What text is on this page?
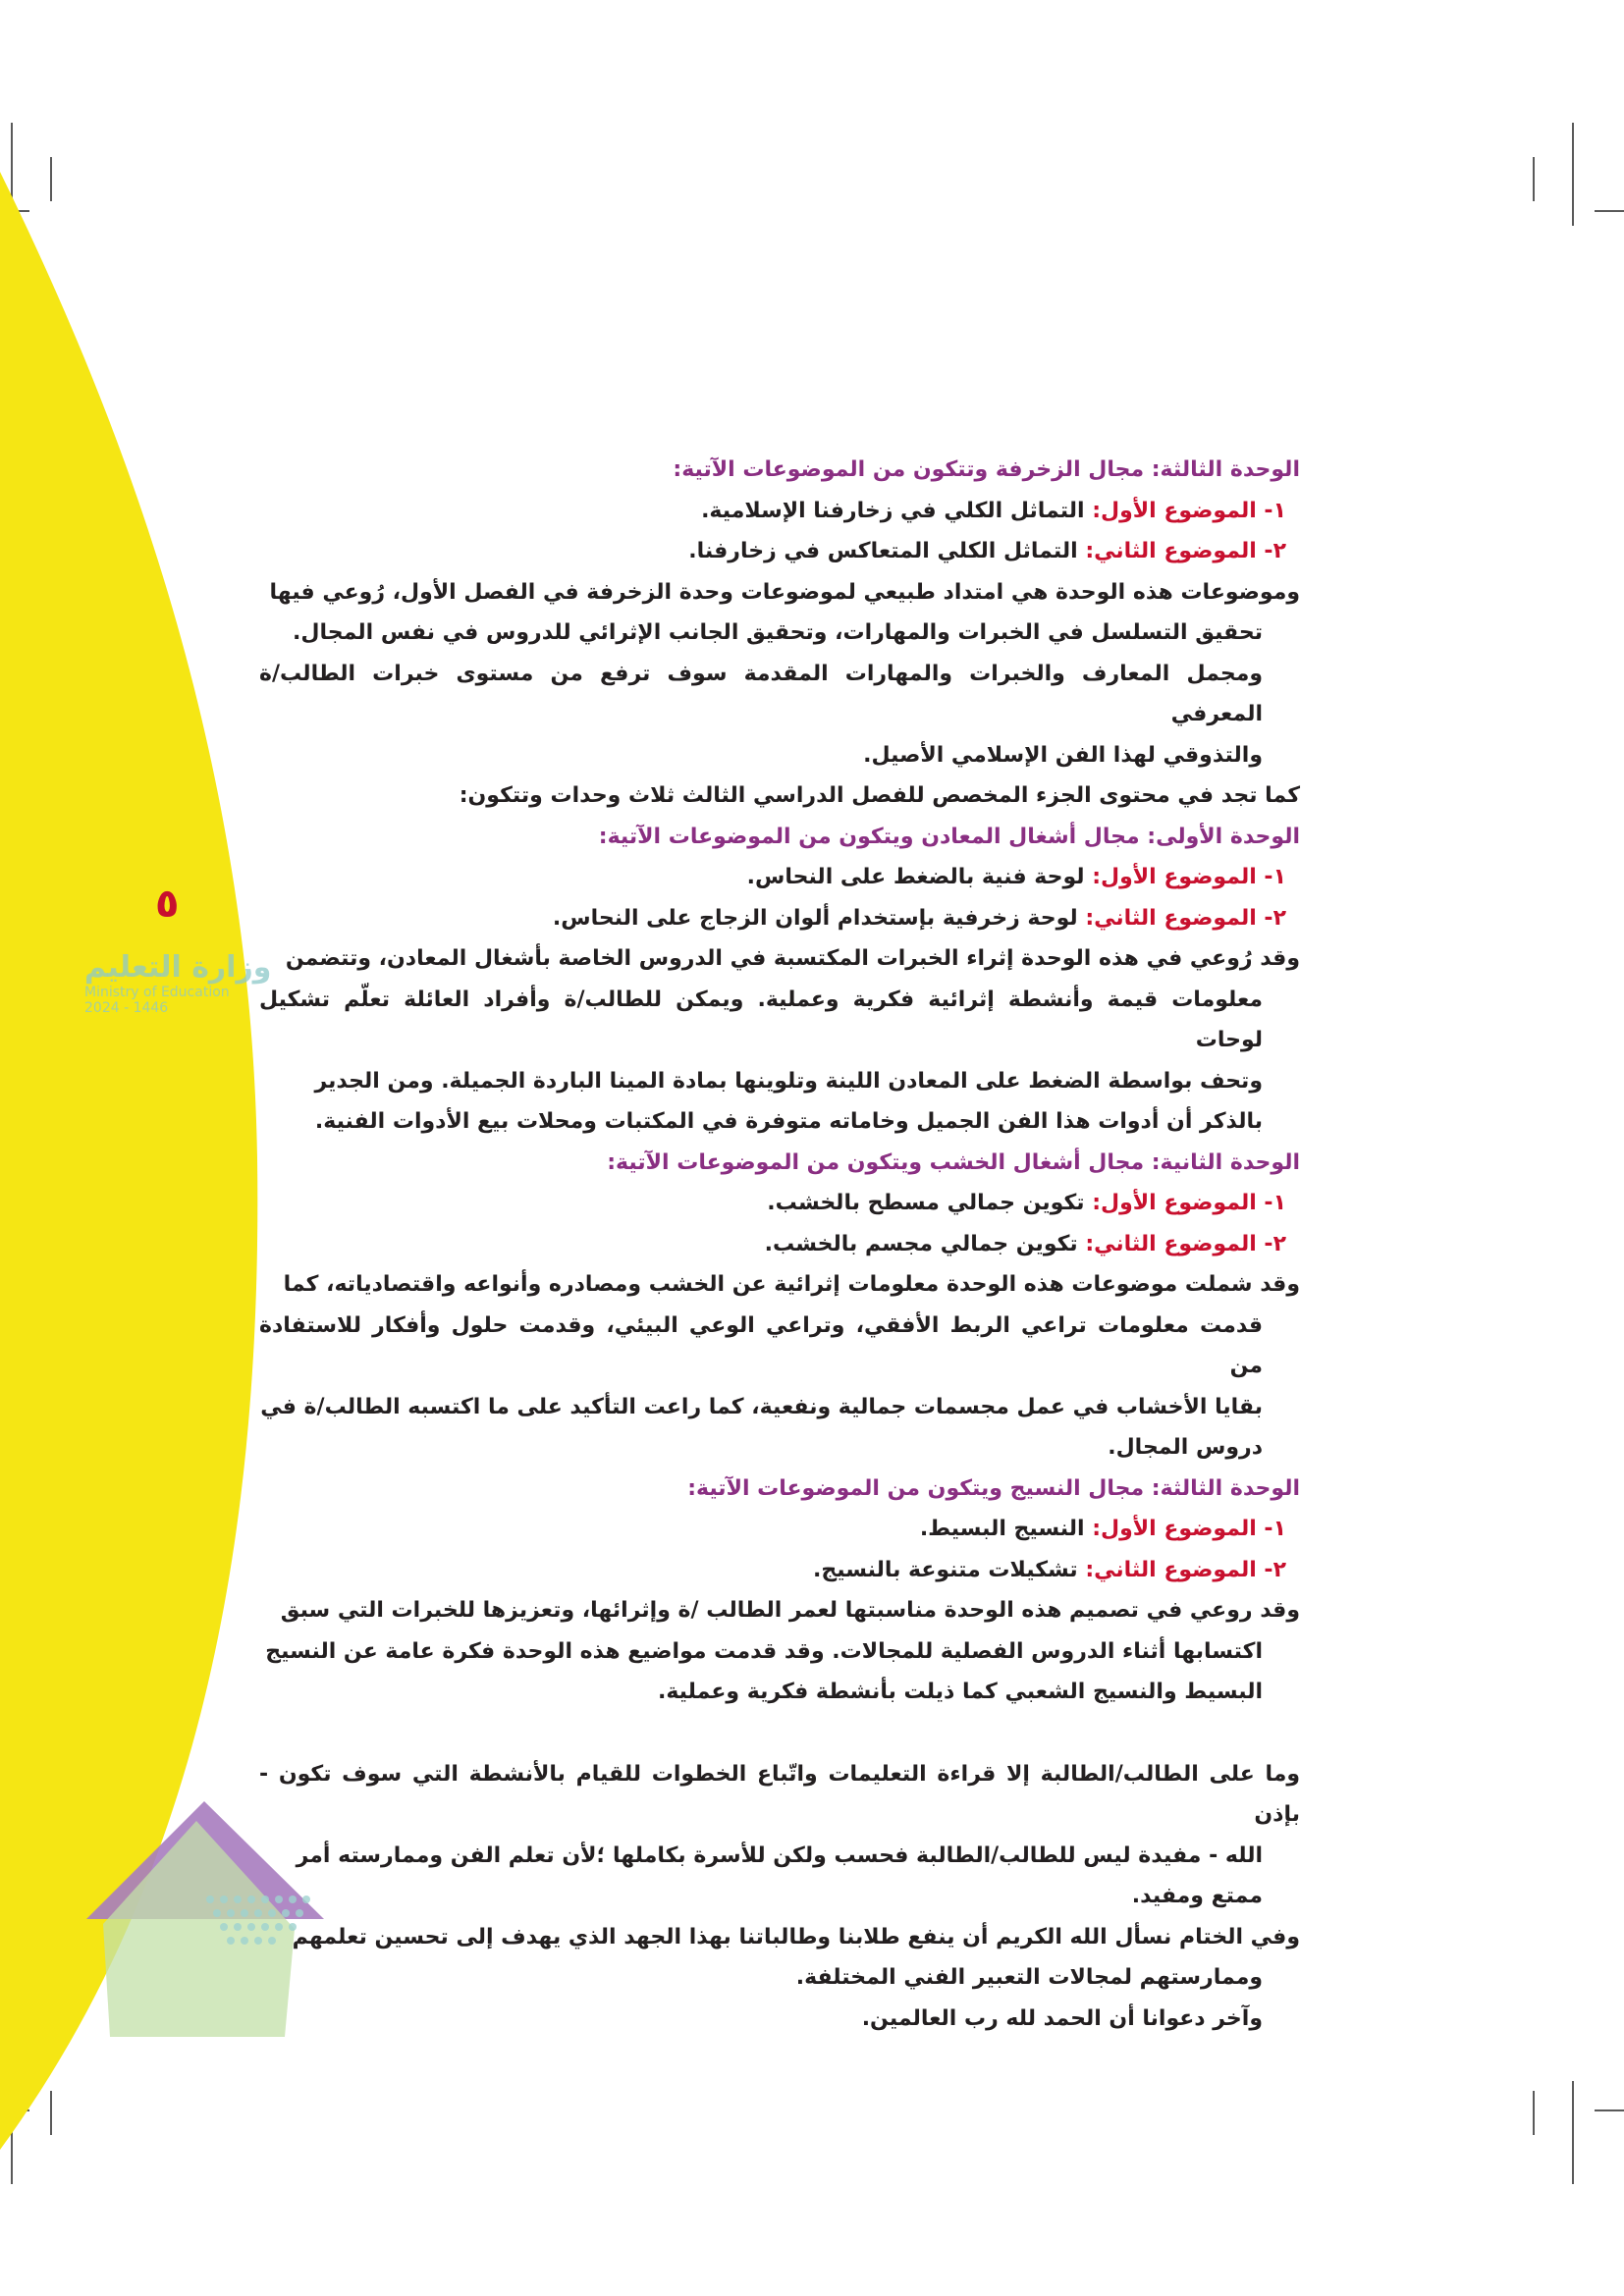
٥
وزارة التعليم
Ministry of Education
2024 - 1446

الوحدة الثالثة: مجال الزخرفة وتتكون من الموضوعات الآتية:

١- الموضوع الأول: التماثل الكلي في زخارفنا الإسلامية.

٢- الموضوع الثاني: التماثل الكلي المتعاكس في زخارفنا.

وموضوعات هذه الوحدة هي امتداد طبيعي لموضوعات وحدة الزخرفة في الفصل الأول، رُوعي فيها
تحقيق التسلسل في الخبرات والمهارات، وتحقيق الجانب الإثرائي للدروس في نفس المجال.
ومجمل المعارف والخبرات والمهارات المقدمة سوف ترفع من مستوى خبرات الطالب/ة المعرفي
والتذوقي لهذا الفن الإسلامي الأصيل.

كما تجد في محتوى الجزء المخصص للفصل الدراسي الثالث ثلاث وحدات وتتكون:

الوحدة الأولى: مجال أشغال المعادن ويتكون من الموضوعات الآتية:

١- الموضوع الأول: لوحة فنية بالضغط على النحاس.

٢- الموضوع الثاني: لوحة زخرفية بإستخدام ألوان الزجاج على النحاس.

وقد رُوعي في هذه الوحدة إثراء الخبرات المكتسبة في الدروس الخاصة بأشغال المعادن، وتتضمن
معلومات قيمة وأنشطة إثرائية فكرية وعملية. ويمكن للطالب/ة وأفراد العائلة تعلّم تشكيل لوحات
وتحف بواسطة الضغط على المعادن اللينة وتلوينها بمادة المينا الباردة الجميلة. ومن الجدير
بالذكر أن أدوات هذا الفن الجميل وخاماته متوفرة في المكتبات ومحلات بيع الأدوات الفنية.

الوحدة الثانية: مجال أشغال الخشب ويتكون من الموضوعات الآتية:

١- الموضوع الأول: تكوين جمالي مسطح بالخشب.

٢- الموضوع الثاني: تكوين جمالي مجسم بالخشب.

وقد شملت موضوعات هذه الوحدة معلومات إثرائية عن الخشب ومصادره وأنواعه واقتصادياته، كما
قدمت معلومات تراعي الربط الأفقي، وتراعي الوعي البيئي، وقدمت حلول وأفكار للاستفادة من
بقايا الأخشاب في عمل مجسمات جمالية ونفعية، كما راعت التأكيد على ما اكتسبه الطالب/ة في
دروس المجال.

الوحدة الثالثة: مجال النسيج ويتكون من الموضوعات الآتية:

١- الموضوع الأول: النسيج البسيط.

٢- الموضوع الثاني: تشكيلات متنوعة بالنسيج.

وقد روعي في تصميم هذه الوحدة مناسبتها لعمر الطالب /ة وإثرائها، وتعزيزها للخبرات التي سبق
اكتسابها أثناء الدروس الفصلية للمجالات. وقد قدمت مواضيع هذه الوحدة فكرة عامة عن النسيج
البسيط والنسيج الشعبي كما ذيلت بأنشطة فكرية وعملية.

وما على الطالب/الطالبة إلا قراءة التعليمات واتّباع الخطوات للقيام بالأنشطة التي سوف تكون - بإذن
الله - مفيدة ليس للطالب/الطالبة فحسب ولكن للأسرة بكاملها ؛لأن تعلم الفن وممارسته أمر
ممتع ومفيد.

وفي الختام نسأل الله الكريم أن ينفع طلابنا وطالباتنا بهذا الجهد الذي يهدف إلى تحسين تعلمهم
وممارستهم لمجالات التعبير الفني المختلفة.
وآخر دعوانا أن الحمد لله رب العالمين.
